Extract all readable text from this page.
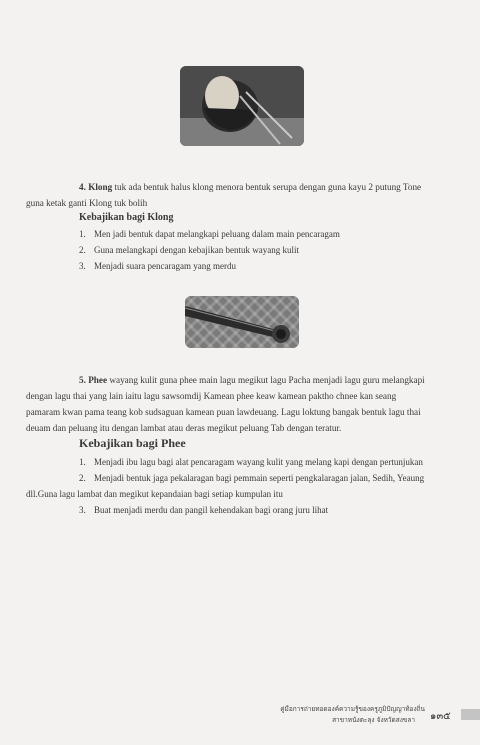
4. Klong tuk ada bentuk halus klong menora bentuk serupa dengan guna kayu 2 putung Tone

guna ketak ganti Klong tuk bolih

Kebajikan bagi Klong

1. Men jadi bentuk dapat melangkapi peluang dalam main pencaragam
2. Guna melangkapi dengan kebajikan bentuk wayang kulit
3. Menjadi suara pencaragam yang merdu

5. Phee wayang kulit guna phee main lagu megikut lagu Pacha menjadi lagu guru melangkapi

dengan lagu thai yang lain iaitu lagu sawsomdij Kamean phee keaw kamean paktho chnee kan seang

pamaram kwan pama teang kob sudsaguan kamean puan lawdeuang. Lagu loktung bangak bentuk lagu thai

deuam dan peluang itu dengan lambat atau deras megikut peluang Tab dengan teratur.

Kebajikan bagi Phee

1. Menjadi ibu lagu bagi alat pencaragam wayang kulit yang melang kapi dengan pertunjukan
2. Menjadi bentuk jaga pekalaragan bagi pemmain seperti pengkalaragan jalan, Sedih, Yeaung
dll.Guna lagu lambat dan megikut kepandaian bagi setiap kumpulan itu
3. Buat menjadi merdu dan pangil kehendakan bagi orang juru lihat
คู่มือการถ่ายทอดองค์ความรู้ของครูภูมิปัญญาท้องถิ่น
สาขาหนังตะลุง จังหวัดสงขลา ๑๓๕
